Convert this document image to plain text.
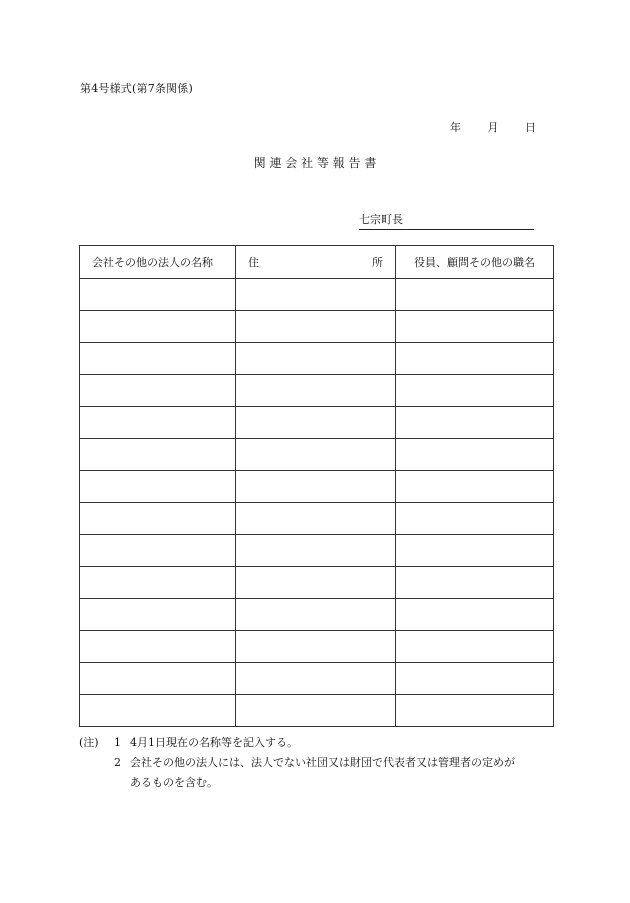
第4号様式(第7条関係)
年 月 日
関 連 会 社 等 報 告 書
七宗町長
会社その他の法人の名称	住 所	役員、顧問その他の職名

(注) 1 4月1日現在の名称等を記入する。
2 会社その他の法人には、法人でない社団又は財団で代表者又は管理者の定めが
あるものを含む。
